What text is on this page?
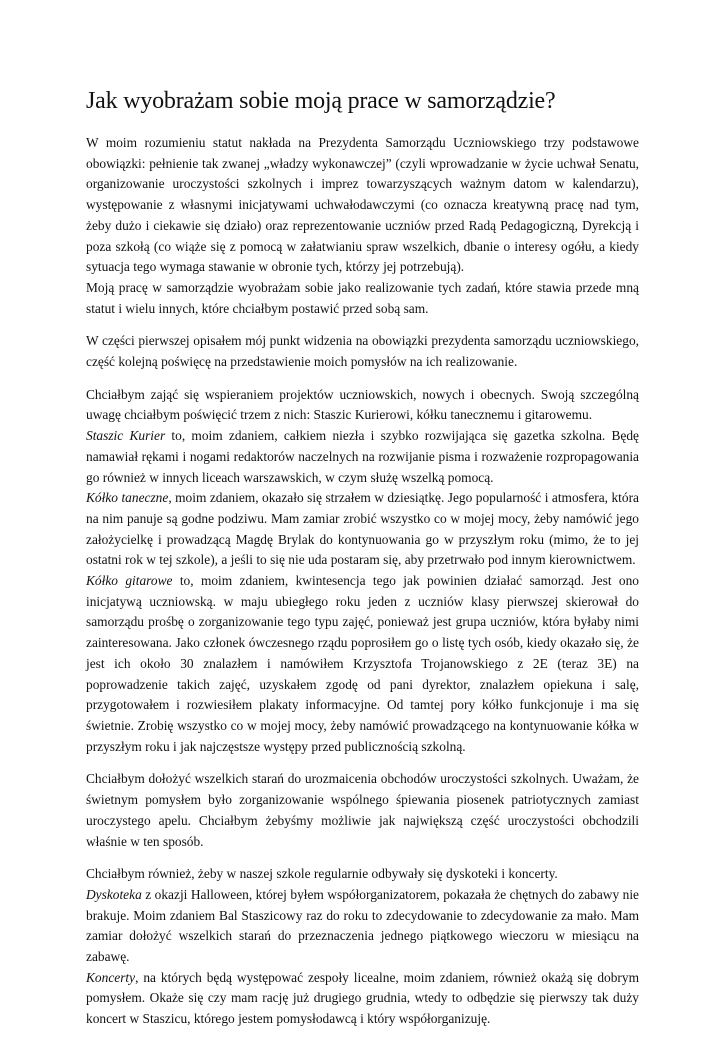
Jak wyobrażam sobie moją prace w samorządzie?

W moim rozumieniu statut nakłada na Prezydenta Samorządu Uczniowskiego trzy podstawowe obowiązki: pełnienie tak zwanej „władzy wykonawczej” (czyli wprowadzanie w życie uchwał Senatu, organizowanie uroczystości szkolnych i imprez towarzyszących ważnym datom w kalendarzu), występowanie z własnymi inicjatywami uchwałodawczymi (co oznacza kreatywną pracę nad tym, żeby dużo i ciekawie się działo) oraz reprezentowanie uczniów przed Radą Pedagogiczną, Dyrekcją i poza szkołą (co wiąże się z pomocą w załatwianiu spraw wszelkich, dbanie o interesy ogółu, a kiedy sytuacja tego wymaga stawanie w obronie tych, którzy jej potrzebują).
Moją pracę w samorządzie wyobrażam sobie jako realizowanie tych zadań, które stawia przede mną statut i wielu innych, które chciałbym postawić przed sobą sam.

W części pierwszej opisałem mój punkt widzenia na obowiązki prezydenta samorządu uczniowskiego, część kolejną poświęcę na przedstawienie moich pomysłów na ich realizowanie.

Chciałbym zająć się wspieraniem projektów uczniowskich, nowych i obecnych. Swoją szczególną uwagę chciałbym poświęcić trzem z nich: Staszic Kurierowi, kółku tanecznemu i gitarowemu.
Staszic Kurier to, moim zdaniem, całkiem niezła i szybko rozwijająca się gazetka szkolna. Będę namawiał rękami i nogami redaktorów naczelnych na rozwijanie pisma i rozważenie rozpropagowania go również w innych liceach warszawskich, w czym służę wszelką pomocą.
Kółko taneczne, moim zdaniem, okazało się strzałem w dziesiątkę. Jego popularność i atmosfera, która na nim panuje są godne podziwu. Mam zamiar zrobić wszystko co w mojej mocy, żeby namówić jego założycielkę i prowadzącą Magdę Brylak do kontynuowania go w przyszłym roku (mimo, że to jej ostatni rok w tej szkole), a jeśli to się nie uda postaram się, aby przetrwało pod innym kierownictwem.
Kółko gitarowe to, moim zdaniem, kwintesencja tego jak powinien działać samorząd. Jest ono inicjatywą uczniowską. w maju ubiegłego roku jeden z uczniów klasy pierwszej skierował do samorządu prośbę o zorganizowanie tego typu zajęć, ponieważ jest grupa uczniów, która byłaby nimi zainteresowana. Jako członek ówczesnego rządu poprosiłem go o listę tych osób, kiedy okazało się, że jest ich około 30 znalazłem i namówiłem Krzysztofa Trojanowskiego z 2E (teraz 3E) na poprowadzenie takich zajęć, uzyskałem zgodę od pani dyrektor, znalazłem opiekuna i salę, przygotowałem i rozwiesiłem plakaty informacyjne. Od tamtej pory kółko funkcjonuje i ma się świetnie. Zrobię wszystko co w mojej mocy, żeby namówić prowadzącego na kontynuowanie kółka w przyszłym roku i jak najczęstsze występy przed publicznością szkolną.

Chciałbym dołożyć wszelkich starań do urozmaicenia obchodów uroczystości szkolnych. Uważam, że świetnym pomysłem było zorganizowanie wspólnego śpiewania piosenek patriotycznych zamiast uroczystego apelu. Chciałbym żebyśmy możliwie jak największą część uroczystości obchodzili właśnie w ten sposób.

Chciałbym również, żeby w naszej szkole regularnie odbywały się dyskoteki i koncerty.
Dyskoteka z okazji Halloween, której byłem współorganizatorem, pokazała że chętnych do zabawy nie brakuje. Moim zdaniem Bal Staszicowy raz do roku to zdecydowanie to zdecydowanie za mało. Mam zamiar dołożyć wszelkich starań do przeznaczenia jednego piątkowego wieczoru w miesiącu na zabawę.
Koncerty, na których będą występować zespoły licealne, moim zdaniem, również okażą się dobrym pomysłem. Okaże się czy mam rację już drugiego grudnia, wtedy to odbędzie się pierwszy tak duży koncert w Staszicu, którego jestem pomysłodawcą i który współorganizuję.
